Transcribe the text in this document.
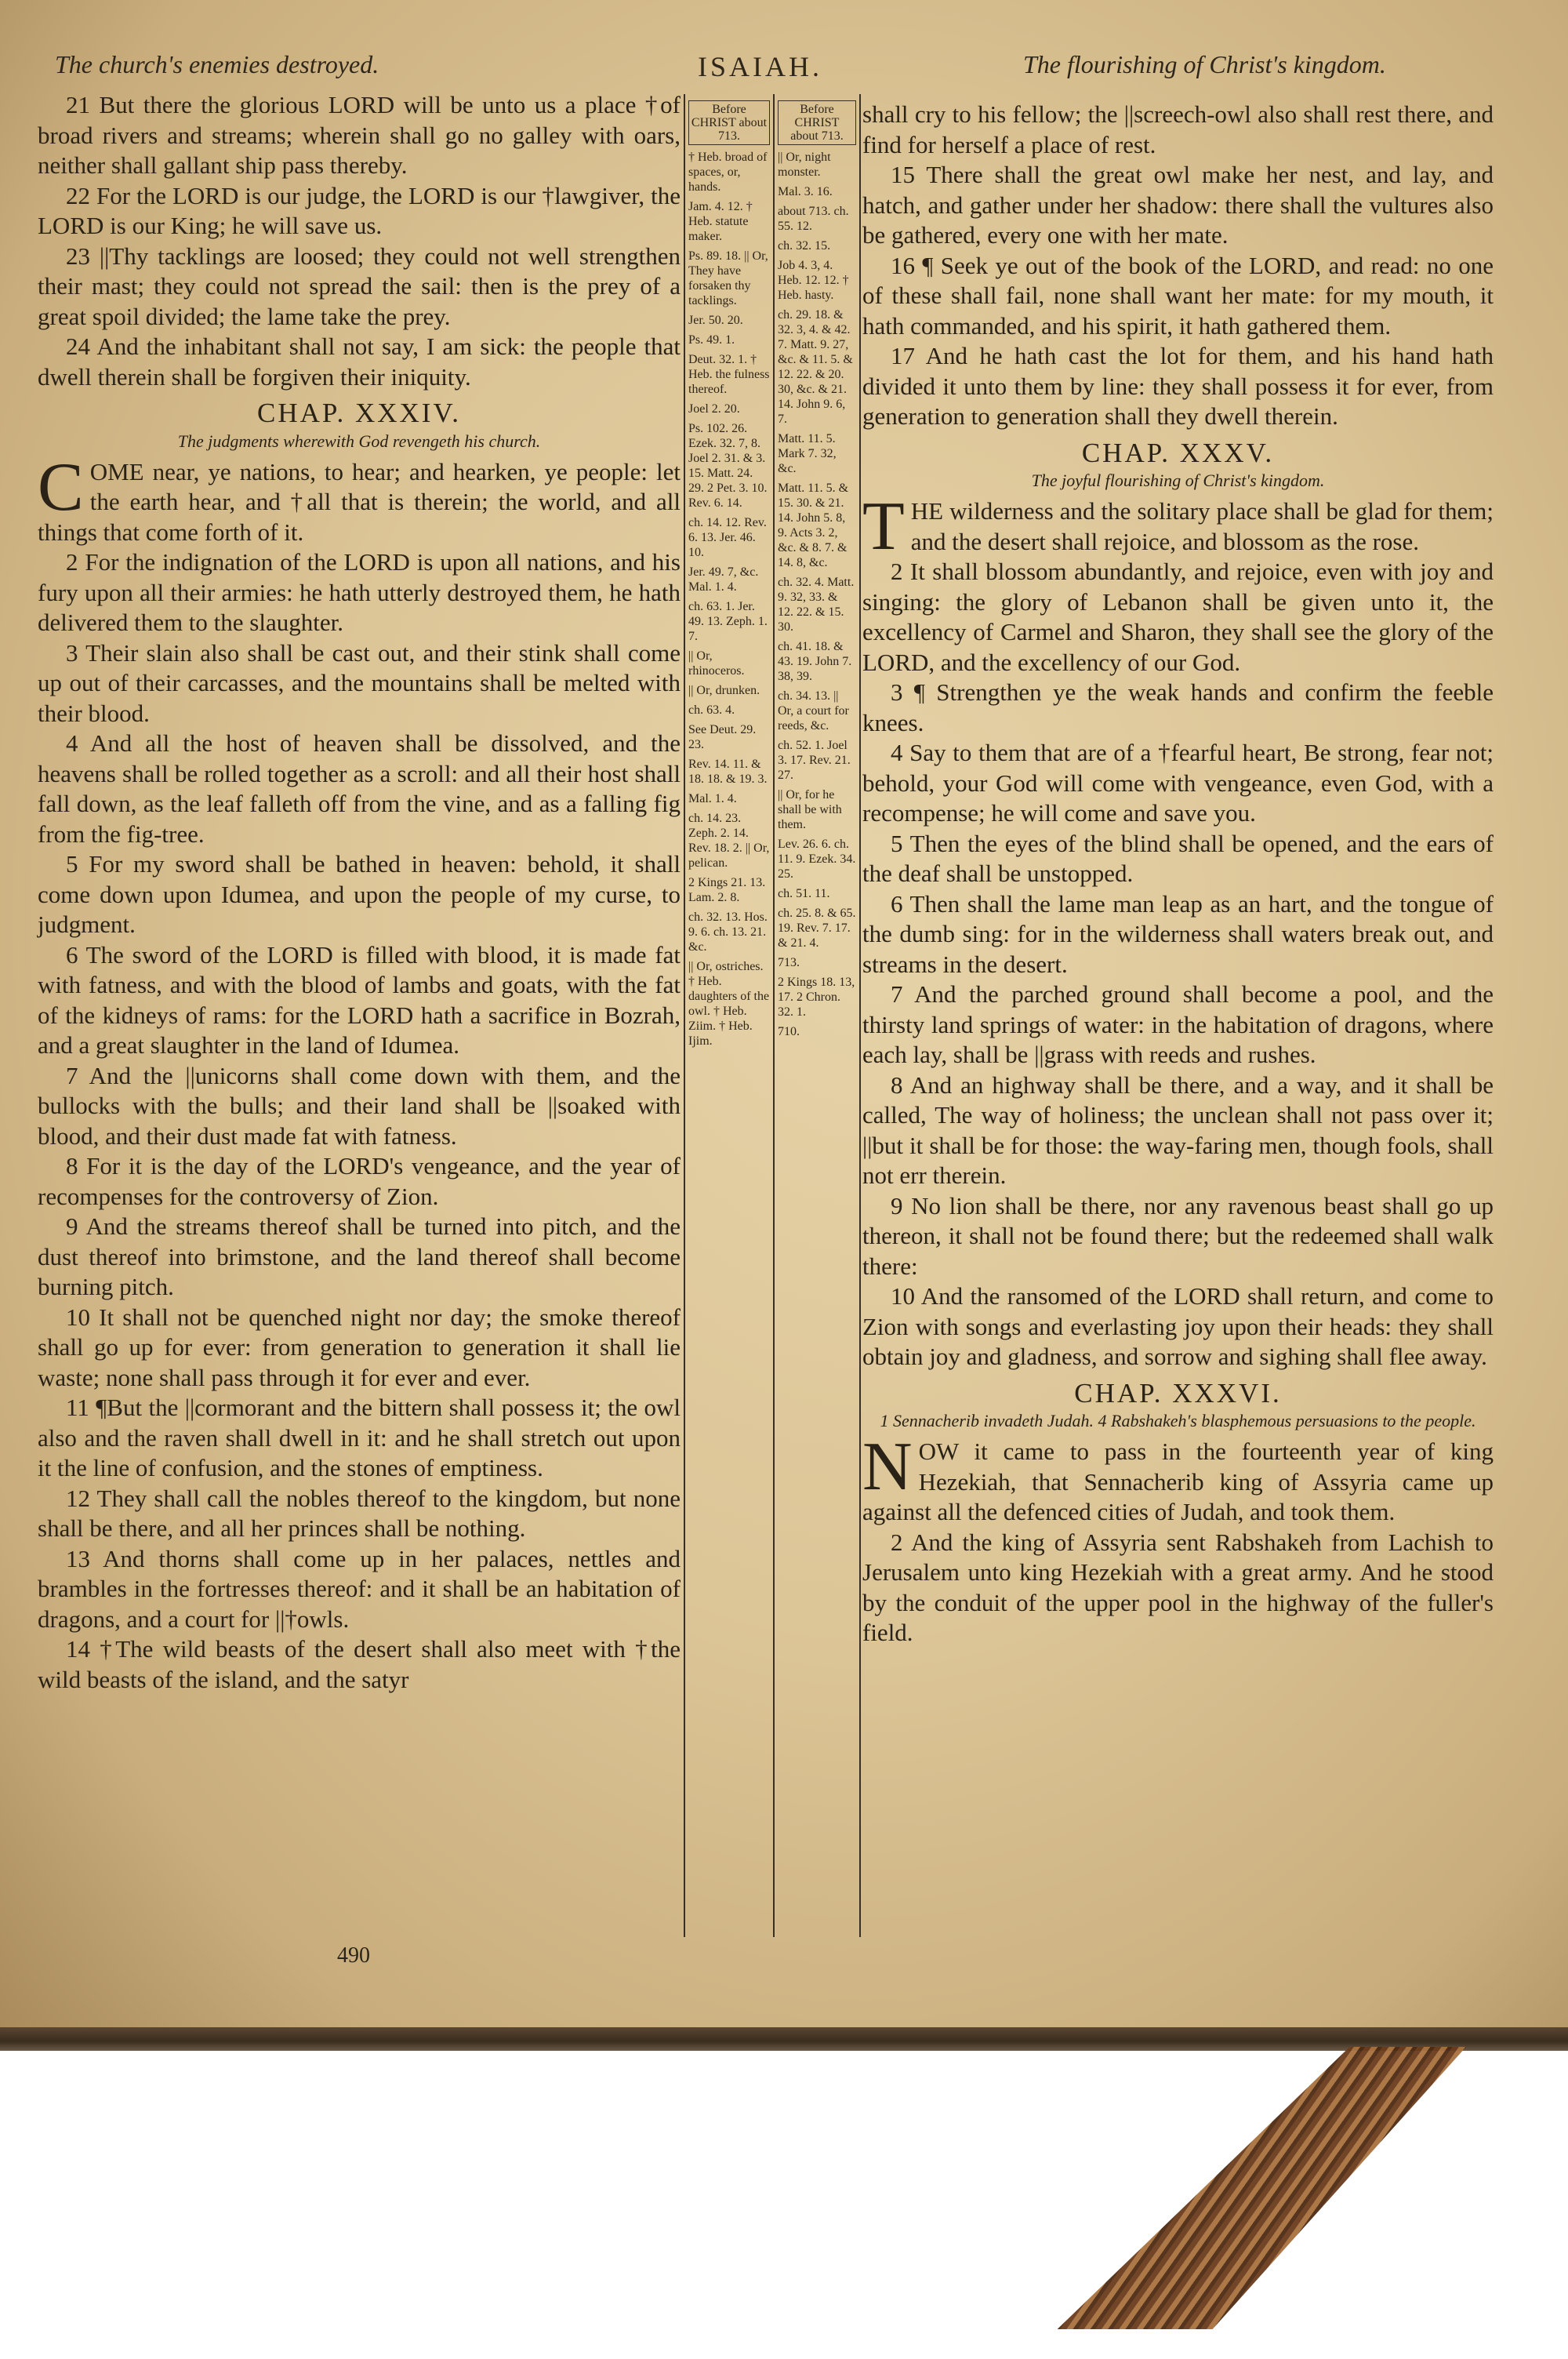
The church's enemies destroyed.	ISAIAH.	The flourishing of Christ's kingdom.

21 But there the glorious LORD will be unto us a place †of broad rivers and streams; wherein shall go no galley with oars, neither shall gallant ship pass thereby.

22 For the LORD is our judge, the LORD is our †lawgiver, the LORD is our King; he will save us.

23 ||Thy tacklings are loosed; they could not well strengthen their mast; they could not spread the sail: then is the prey of a great spoil divided; the lame take the prey.

24 And the inhabitant shall not say, I am sick: the people that dwell therein shall be forgiven their iniquity.

CHAP. XXXIV.
The judgments wherewith God revengeth his church.

COME near, ye nations, to hear; and hearken, ye people: let the earth hear, and †all that is therein; the world, and all things that come forth of it.

2 For the indignation of the LORD is upon all nations, and his fury upon all their armies: he hath utterly destroyed them, he hath delivered them to the slaughter.

3 Their slain also shall be cast out, and their stink shall come up out of their carcasses, and the mountains shall be melted with their blood.

4 And all the host of heaven shall be dissolved, and the heavens shall be rolled together as a scroll: and all their host shall fall down, as the leaf falleth off from the vine, and as a falling fig from the fig-tree.

5 For my sword shall be bathed in heaven: behold, it shall come down upon Idumea, and upon the people of my curse, to judgment.

6 The sword of the LORD is filled with blood, it is made fat with fatness, and with the blood of lambs and goats, with the fat of the kidneys of rams: for the LORD hath a sacrifice in Bozrah, and a great slaughter in the land of Idumea.

7 And the ||unicorns shall come down with them, and the bullocks with the bulls; and their land shall be ||soaked with blood, and their dust made fat with fatness.

8 For it is the day of the LORD's vengeance, and the year of recompenses for the controversy of Zion.

9 And the streams thereof shall be turned into pitch, and the dust thereof into brimstone, and the land thereof shall become burning pitch.

10 It shall not be quenched night nor day; the smoke thereof shall go up for ever: from generation to generation it shall lie waste; none shall pass through it for ever and ever.

11 ¶But the ||cormorant and the bittern shall possess it; the owl also and the raven shall dwell in it: and he shall stretch out upon it the line of confusion, and the stones of emptiness.

12 They shall call the nobles thereof to the kingdom, but none shall be there, and all her princes shall be nothing.

13 And thorns shall come up in her palaces, nettles and brambles in the fortresses thereof: and it shall be an habitation of dragons, and a court for ||†owls.

14 †The wild beasts of the desert shall also meet with †the wild beasts of the island, and the satyr

Before CHRIST about 713.
† Heb. broad of spaces, or, hands.
Jam. 4. 12. † Heb. statute maker.
Ps. 89. 18. || Or, They have forsaken thy tacklings.
Jer. 50. 20.
Ps. 49. 1.
Deut. 32. 1. † Heb. the fulness thereof.
Joel 2. 20.
Ps. 102. 26. Ezek. 32. 7, 8. Joel 2. 31. & 3. 15. Matt. 24. 29. 2 Pet. 3. 10. Rev. 6. 14.
ch. 14. 12. Rev. 6. 13. Jer. 46. 10.
Jer. 49. 7, &c. Mal. 1. 4.
ch. 63. 1. Jer. 49. 13. Zeph. 1. 7.
|| Or, rhinoceros.
|| Or, drunken.
ch. 63. 4.
See Deut. 29. 23.
Rev. 14. 11. & 18. 18. & 19. 3.
Mal. 1. 4.
ch. 14. 23. Zeph. 2. 14. Rev. 18. 2. || Or, pelican.
2 Kings 21. 13. Lam. 2. 8.
ch. 32. 13. Hos. 9. 6. ch. 13. 21. &c.
|| Or, ostriches. † Heb. daughters of the owl. † Heb. Ziim. † Heb. Ijim.
Before CHRIST about 713.
|| Or, night monster.
Mal. 3. 16.
about 713. ch. 55. 12.
ch. 32. 15.
Job 4. 3, 4. Heb. 12. 12. † Heb. hasty.
ch. 29. 18. & 32. 3, 4. & 42. 7. Matt. 9. 27, &c. & 11. 5. & 12. 22. & 20. 30, &c. & 21. 14. John 9. 6, 7.
Matt. 11. 5. Mark 7. 32, &c.
Matt. 11. 5. & 15. 30. & 21. 14. John 5. 8, 9. Acts 3. 2, &c. & 8. 7. & 14. 8, &c.
ch. 32. 4. Matt. 9. 32, 33. & 12. 22. & 15. 30.
ch. 41. 18. & 43. 19. John 7. 38, 39.
ch. 34. 13. || Or, a court for reeds, &c.
ch. 52. 1. Joel 3. 17. Rev. 21. 27.
|| Or, for he shall be with them.
Lev. 26. 6. ch. 11. 9. Ezek. 34. 25.
ch. 51. 11.
ch. 25. 8. & 65. 19. Rev. 7. 17. & 21. 4.
713.
2 Kings 18. 13, 17. 2 Chron. 32. 1.
710.

shall cry to his fellow; the ||screech-owl also shall rest there, and find for herself a place of rest.

15 There shall the great owl make her nest, and lay, and hatch, and gather under her shadow: there shall the vultures also be gathered, every one with her mate.

16 ¶ Seek ye out of the book of the LORD, and read: no one of these shall fail, none shall want her mate: for my mouth, it hath commanded, and his spirit, it hath gathered them.

17 And he hath cast the lot for them, and his hand hath divided it unto them by line: they shall possess it for ever, from generation to generation shall they dwell therein.

CHAP. XXXV.
The joyful flourishing of Christ's kingdom.

THE wilderness and the solitary place shall be glad for them; and the desert shall rejoice, and blossom as the rose.

2 It shall blossom abundantly, and rejoice, even with joy and singing: the glory of Lebanon shall be given unto it, the excellency of Carmel and Sharon, they shall see the glory of the LORD, and the excellency of our God.

3 ¶ Strengthen ye the weak hands and confirm the feeble knees.

4 Say to them that are of a †fearful heart, Be strong, fear not; behold, your God will come with vengeance, even God, with a recompense; he will come and save you.

5 Then the eyes of the blind shall be opened, and the ears of the deaf shall be unstopped.

6 Then shall the lame man leap as an hart, and the tongue of the dumb sing: for in the wilderness shall waters break out, and streams in the desert.

7 And the parched ground shall become a pool, and the thirsty land springs of water: in the habitation of dragons, where each lay, shall be ||grass with reeds and rushes.

8 And an highway shall be there, and a way, and it shall be called, The way of holiness; the unclean shall not pass over it; ||but it shall be for those: the way-faring men, though fools, shall not err therein.

9 No lion shall be there, nor any ravenous beast shall go up thereon, it shall not be found there; but the redeemed shall walk there:

10 And the ransomed of the LORD shall return, and come to Zion with songs and everlasting joy upon their heads: they shall obtain joy and gladness, and sorrow and sighing shall flee away.

CHAP. XXXVI.
1 Sennacherib invadeth Judah. 4 Rabshakeh's blasphemous persuasions to the people.

NOW it came to pass in the fourteenth year of king Hezekiah, that Sennacherib king of Assyria came up against all the defenced cities of Judah, and took them.

2 And the king of Assyria sent Rabshakeh from Lachish to Jerusalem unto king Hezekiah with a great army. And he stood by the conduit of the upper pool in the highway of the fuller's field.

490
